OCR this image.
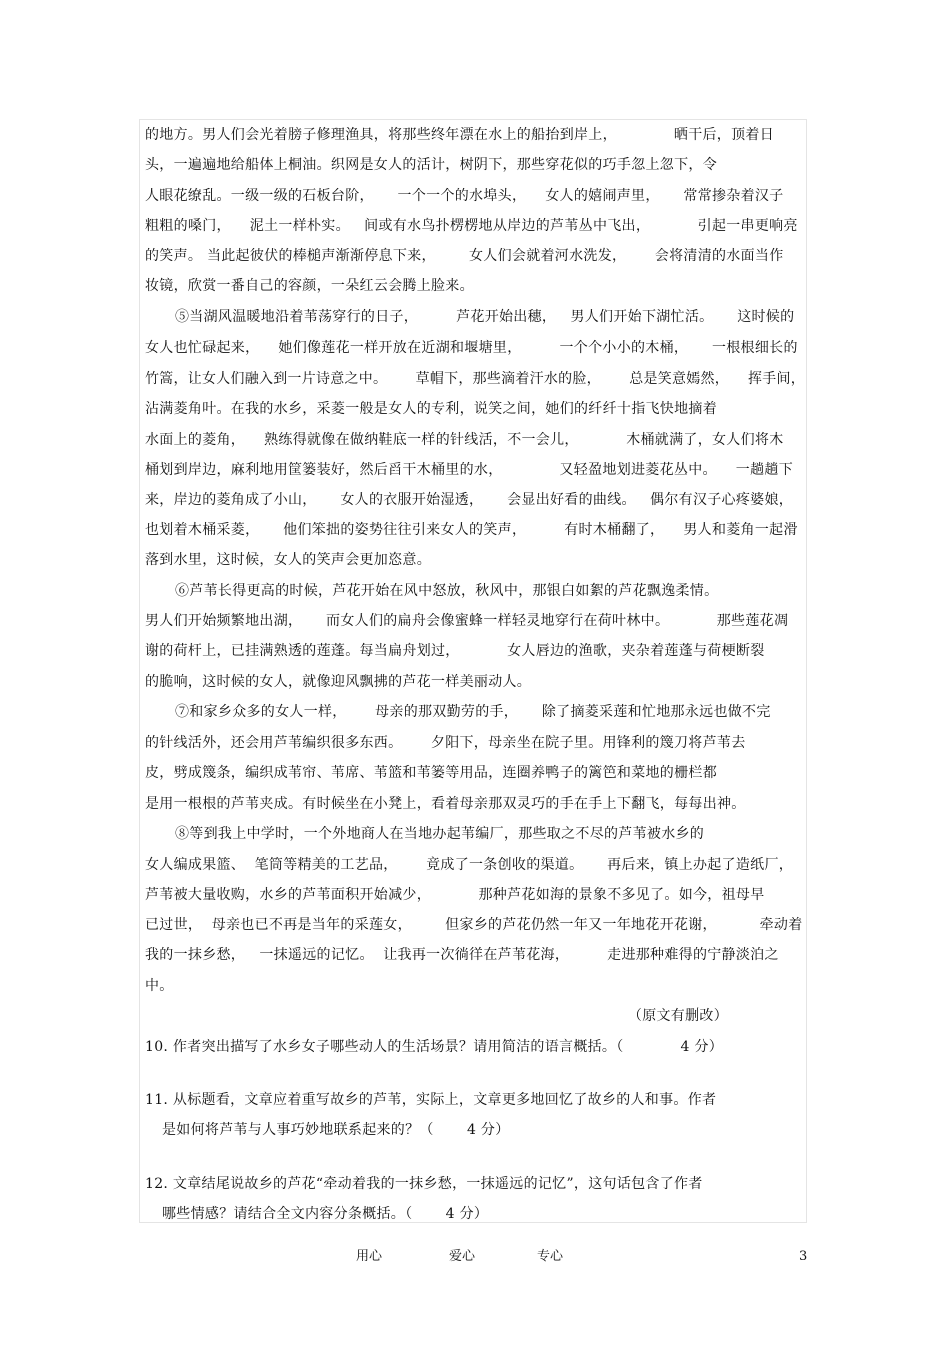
的地方。男人们会光着膀子修理渔具，将那些终年漂在水上的船抬到岸上，            晒干后，顶着日
头，一遍遍地给船体上桐油。织网是女人的活计，树阴下，那些穿花似的巧手忽上忽下，令
人眼花缭乱。一级一级的石板台阶，     一个一个的水埠头，    女人的嬉闹声里，     常常掺杂着汉子
粗粗的嗓门，    泥土一样朴实。   间或有水鸟扑楞楞地从岸边的芦苇丛中飞出，          引起一串更响亮
的笑声。 当此起彼伏的棒槌声渐渐停息下来，       女人们会就着河水洗发，      会将清清的水面当作
妆镜，欣赏一番自己的容颜，一朵红云会腾上脸来。
⑤当湖风温暖地沿着苇荡穿行的日子，        芦花开始出穗，   男人们开始下湖忙活。     这时候的
女人也忙碌起来，    她们像莲花一样开放在近湖和堰塘里，        一个个小小的木桶，     一根根细长的
竹篙，让女人们融入到一片诗意之中。      草帽下，那些滴着汗水的脸，      总是笑意嫣然，    挥手间，
沾满菱角叶。在我的水乡，采菱一般是女人的专利，说笑之间，她们的纤纤十指飞快地摘着
水面上的菱角，    熟练得就像在做纳鞋底一样的针线活，不一会儿，          木桶就满了，女人们将木
桶划到岸边，麻利地用筐篓装好，然后舀干木桶里的水，            又轻盈地划进菱花丛中。    一趟趟下
来，岸边的菱角成了小山，     女人的衣服开始湿透，     会显出好看的曲线。   偶尔有汉子心疼婆娘，
也划着木桶采菱，     他们笨拙的姿势往往引来女人的笑声，        有时木桶翻了，    男人和菱角一起滑
落到水里，这时候，女人的笑声会更加恣意。
⑥芦苇长得更高的时候，芦花开始在风中怒放，秋风中，那银白如絮的芦花飘逸柔情。
男人们开始频繁地出湖，     而女人们的扁舟会像蜜蜂一样轻灵地穿行在荷叶林中。          那些莲花凋
谢的荷杆上，已挂满熟透的莲蓬。每当扁舟划过，          女人唇边的渔歌，夹杂着莲蓬与荷梗断裂
的脆响，这时候的女人，就像迎风飘拂的芦花一样美丽动人。
⑦和家乡众多的女人一样，      母亲的那双勤劳的手，     除了摘菱采莲和忙地那永远也做不完
的针线活外，还会用芦苇编织很多东西。      夕阳下，母亲坐在院子里。用锋利的篾刀将芦苇去
皮，劈成篾条，编织成苇帘、苇席、苇篮和苇篓等用品，连圈养鸭子的篱笆和菜地的栅栏都
是用一根根的芦苇夹成。有时候坐在小凳上，看着母亲那双灵巧的手在手上下翻飞，每每出神。
⑧等到我上中学时，一个外地商人在当地办起苇编厂，那些取之不尽的芦苇被水乡的
女人编成果篮、  笔筒等精美的工艺品，      竟成了一条创收的渠道。     再后来，镇上办起了造纸厂，
芦苇被大量收购，水乡的芦苇面积开始减少，          那种芦花如海的景象不多见了。如今，祖母早
已过世，  母亲也已不再是当年的采莲女，       但家乡的芦花仍然一年又一年地花开花谢，         牵动着
我的一抹乡愁，   一抹遥远的记忆。  让我再一次徜徉在芦苇花海，        走进那种难得的宁静淡泊之
中。
（原文有删改）
10. 作者突出描写了水乡女子哪些动人的生活场景？请用简洁的语言概括。（            4 分）
11. 从标题看，文章应着重写故乡的芦苇，实际上，文章更多地回忆了故乡的人和事。作者
是如何将芦苇与人事巧妙地联系起来的？（       4 分）
12. 文章结尾说故乡的芦花“牵动着我的一抹乡愁，一抹遥远的记忆”，这句话包含了作者
哪些情感？请结合全文内容分条概括。（       4 分）
用心	爱心	专心	3
